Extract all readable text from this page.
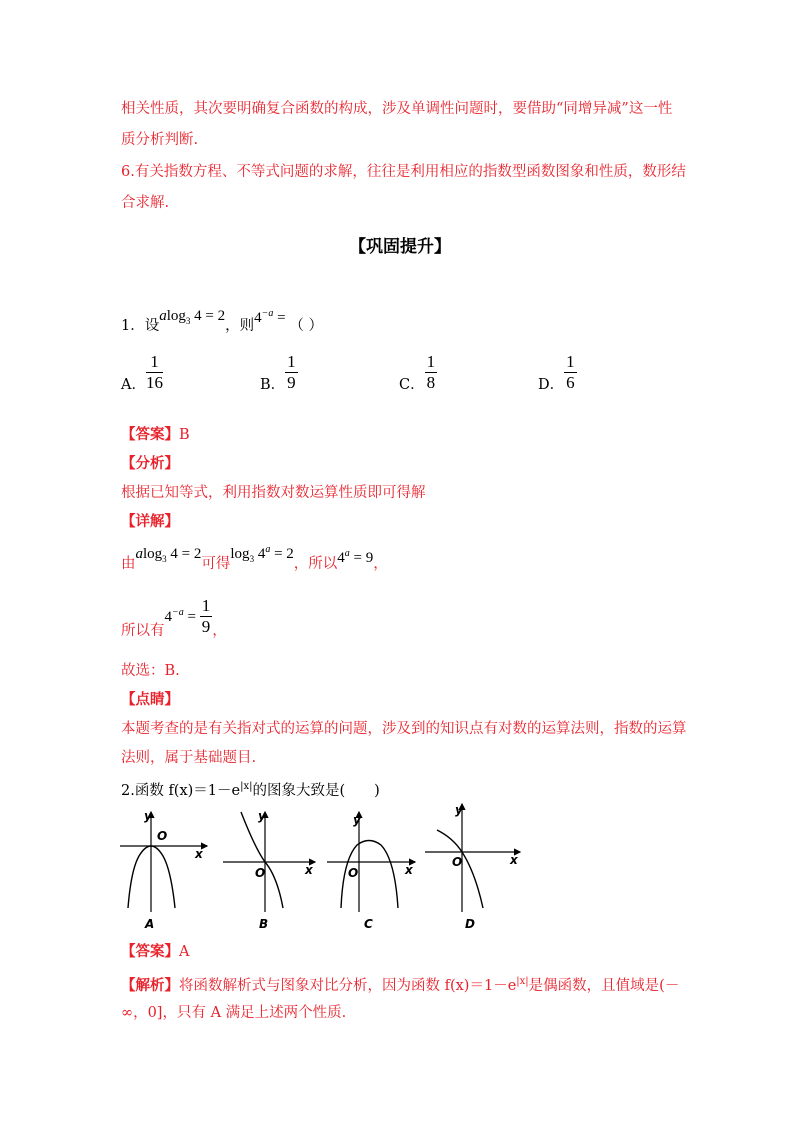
相关性质，其次要明确复合函数的构成，涉及单调性问题时，要借助“同增异减”这一性
质分析判断.
6.有关指数方程、不等式问题的求解，往往是利用相应的指数型函数图象和性质，数形结
合求解.
【巩固提升】
1．设alog$_3$ 4 = 2，则$4^{-a}$ = （ ）
A． $\frac{1}{16}$	B． $\frac{1}{9}$	C． $\frac{1}{8}$	D． $\frac{1}{6}$
【答案】B
【分析】
根据已知等式，利用指数对数运算性质即可得解
【详解】
由alog$_3$ 4 = 2可得$\log_3 4^a = 2$，所以$4^a = 9$，
所以有$4^{-a} = \frac{1}{9}$ ，
故选：B.
【点睛】
本题考查的是有关指对式的运算的问题，涉及到的知识点有对数的运算法则，指数的运算
法则，属于基础题目.
2.函数 $f(x)=1-e^{|x|}$的图象大致是(　　)
y
O
x
A
y
O	x
B
y
O	x
C
y
O	x
D
【答案】A
【解析】将函数解析式与图象对比分析，因为函数 $f(x)=1-e^{|x|}$是偶函数，且值域是(－
∞，0]，只有 A 满足上述两个性质.
